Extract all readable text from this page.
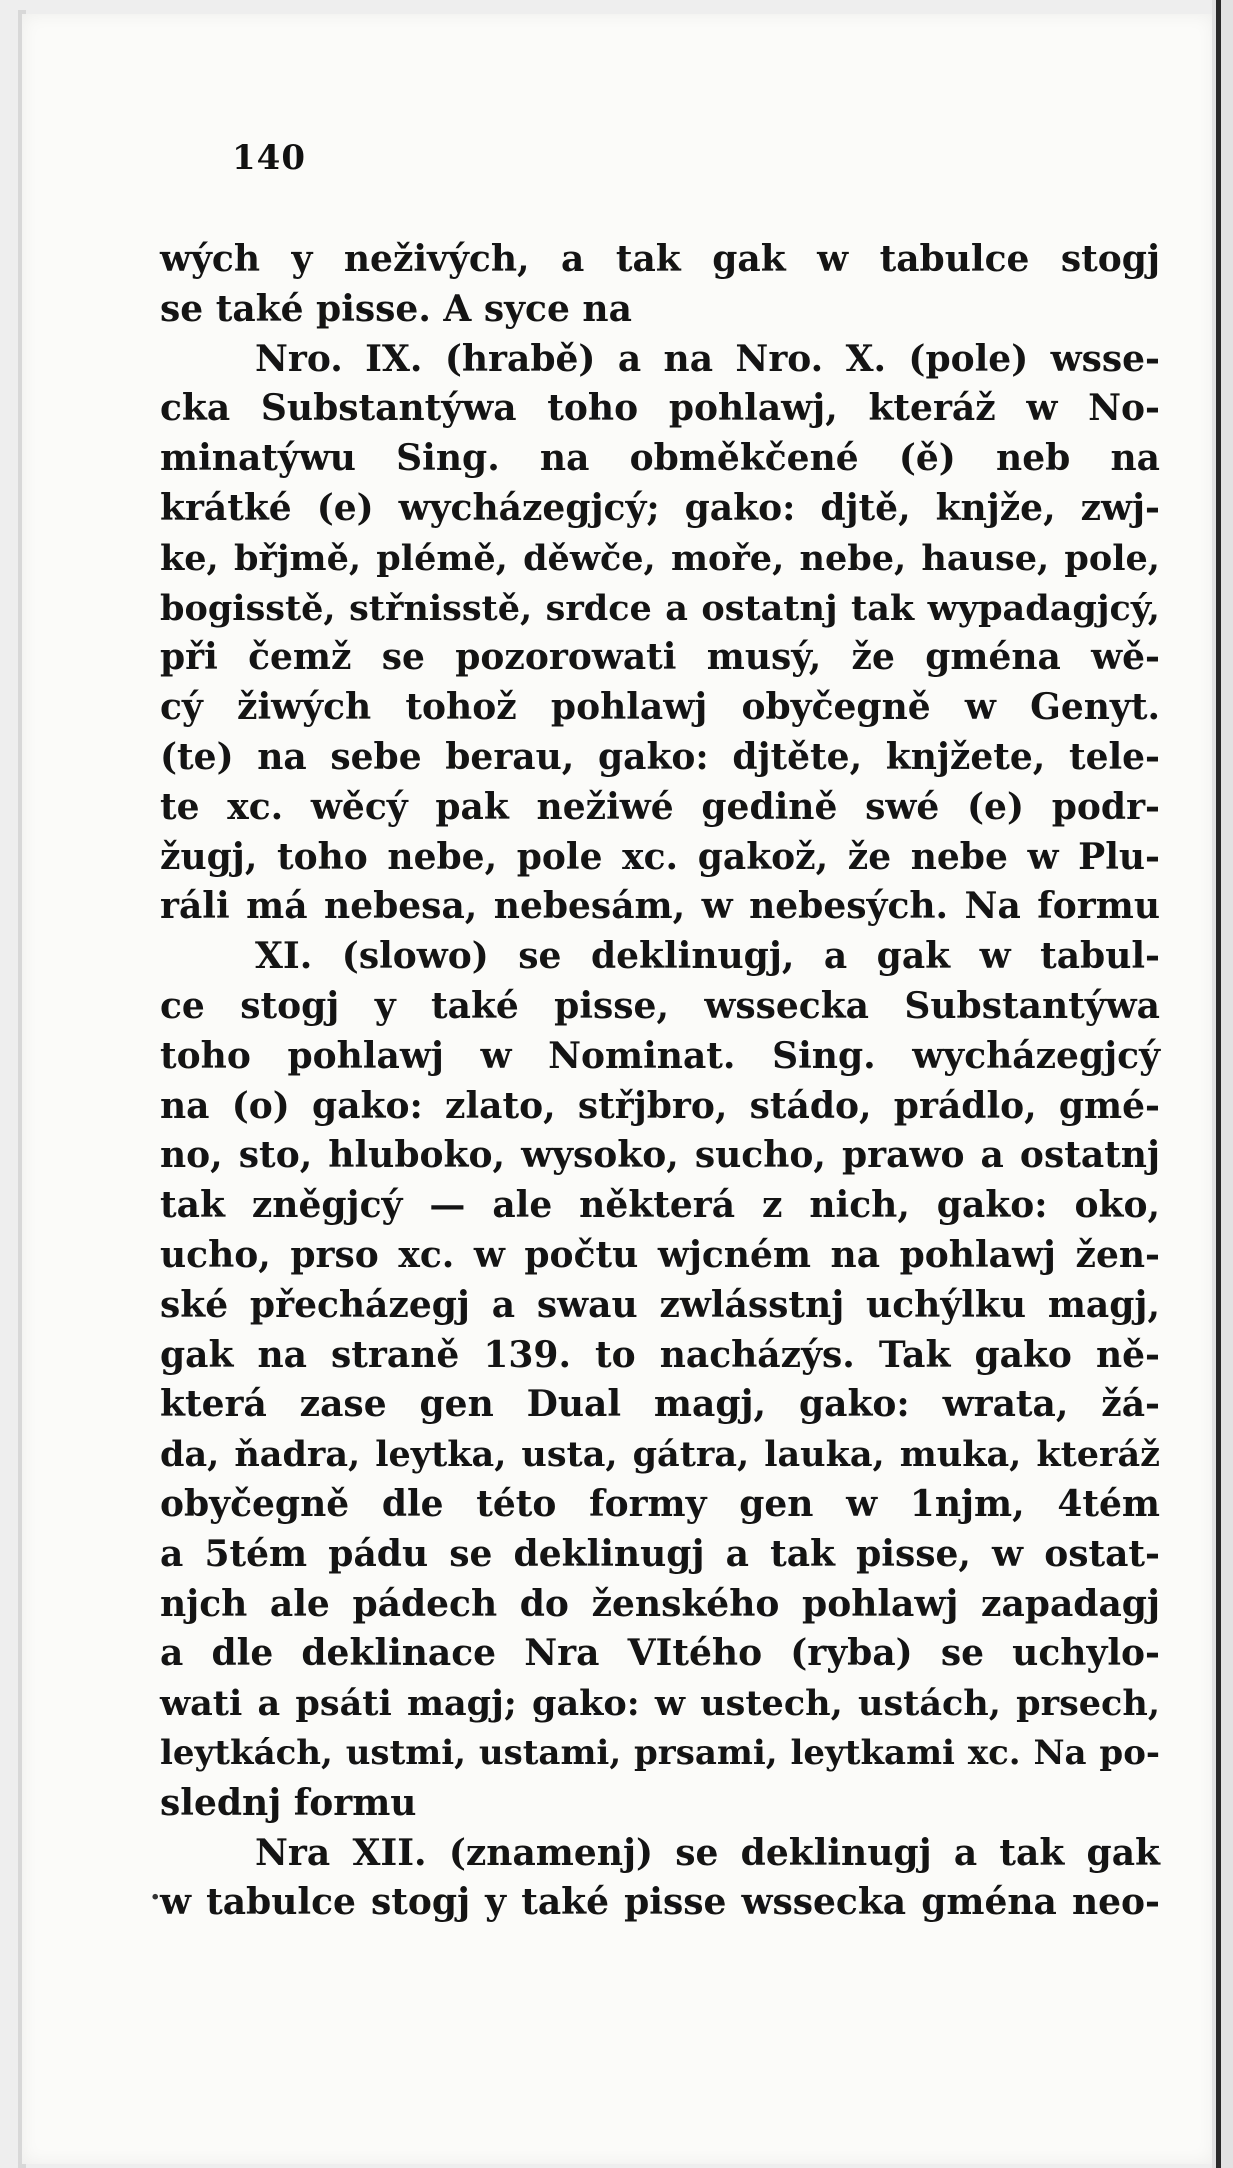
140
.
wých y neživých, a tak gak w tabulce stogj
se také pisse. A syce na
Nro. IX. (hrabě) a na Nro. X. (pole) wsse-
cka Substantýwa toho pohlawj, kteráž w No-
minatýwu Sing. na obměkčené (ě) neb na
krátké (e) wycházegjcý; gako: djtě, knjže, zwj-
ke, břjmě, plémě, děwče, moře, nebe, hause, pole,
bogisstě, střnisstě, srdce a ostatnj tak wypadagjcý,
při čemž se pozorowati musý, že gména wě-
cý žiwých tohož pohlawj obyčegně w Genyt.
(te) na sebe berau, gako: djtěte, knjžete, tele-
te xc. wěcý pak nežiwé gedině swé (e) podr-
žugj, toho nebe, pole xc. gakož, že nebe w Plu-
ráli má nebesa, nebesám, w nebesých. Na formu
XI. (slowo) se deklinugj, a gak w tabul-
ce stogj y také pisse, wssecka Substantýwa
toho pohlawj w Nominat. Sing. wycházegjcý
na (o) gako: zlato, střjbro, stádo, prádlo, gmé-
no, sto, hluboko, wysoko, sucho, prawo a ostatnj
tak zněgjcý — ale některá z nich, gako: oko,
ucho, prso xc. w počtu wjcném na pohlawj žen-
ské přecházegj a swau zwlásstnj uchýlku magj,
gak na straně 139. to nacházýs. Tak gako ně-
která zase gen Dual magj, gako: wrata, žá-
da, ňadra, leytka, usta, gátra, lauka, muka, kteráž
obyčegně dle této formy gen w 1njm, 4tém
a 5tém pádu se deklinugj a tak pisse, w ostat-
njch ale pádech do ženského pohlawj zapadagj
a dle deklinace Nra VItého (ryba) se uchylo-
wati a psáti magj; gako: w ustech, ustách, prsech,
leytkách, ustmi, ustami, prsami, leytkami xc. Na po-
slednj formu
Nra XII. (znamenj) se deklinugj a tak gak
w tabulce stogj y také pisse wssecka gména neo-
